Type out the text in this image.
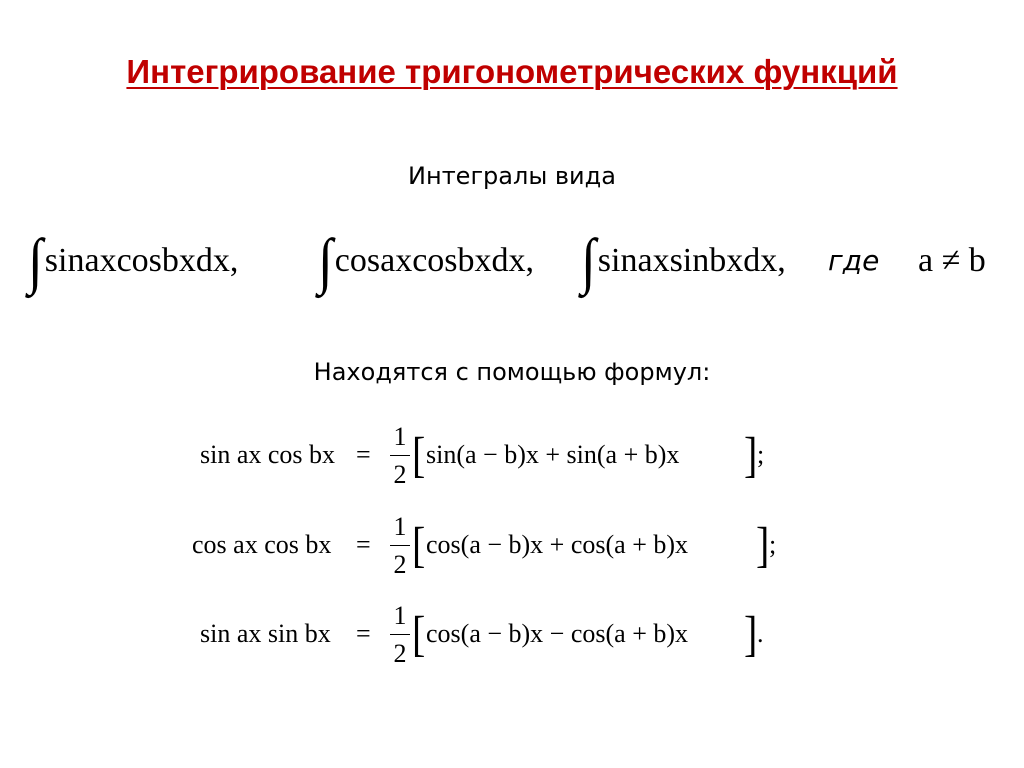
Интегрирование тригонометрических функций
Интегралы вида
∫sinaxcosbxdx, ∫cosaxcosbxdx, ∫sinaxsinbxdx, где a ≠ b
Находятся с помощью формул:
sin ax cos bx =
1
2 [ sin(a − b)x + sin(a + b)x ] ;
cos ax cos bx =
1
2 [ cos(a − b)x + cos(a + b)x ] ;
sin ax sin bx =
1
2 [ cos(a − b)x − cos(a + b)x ] .
